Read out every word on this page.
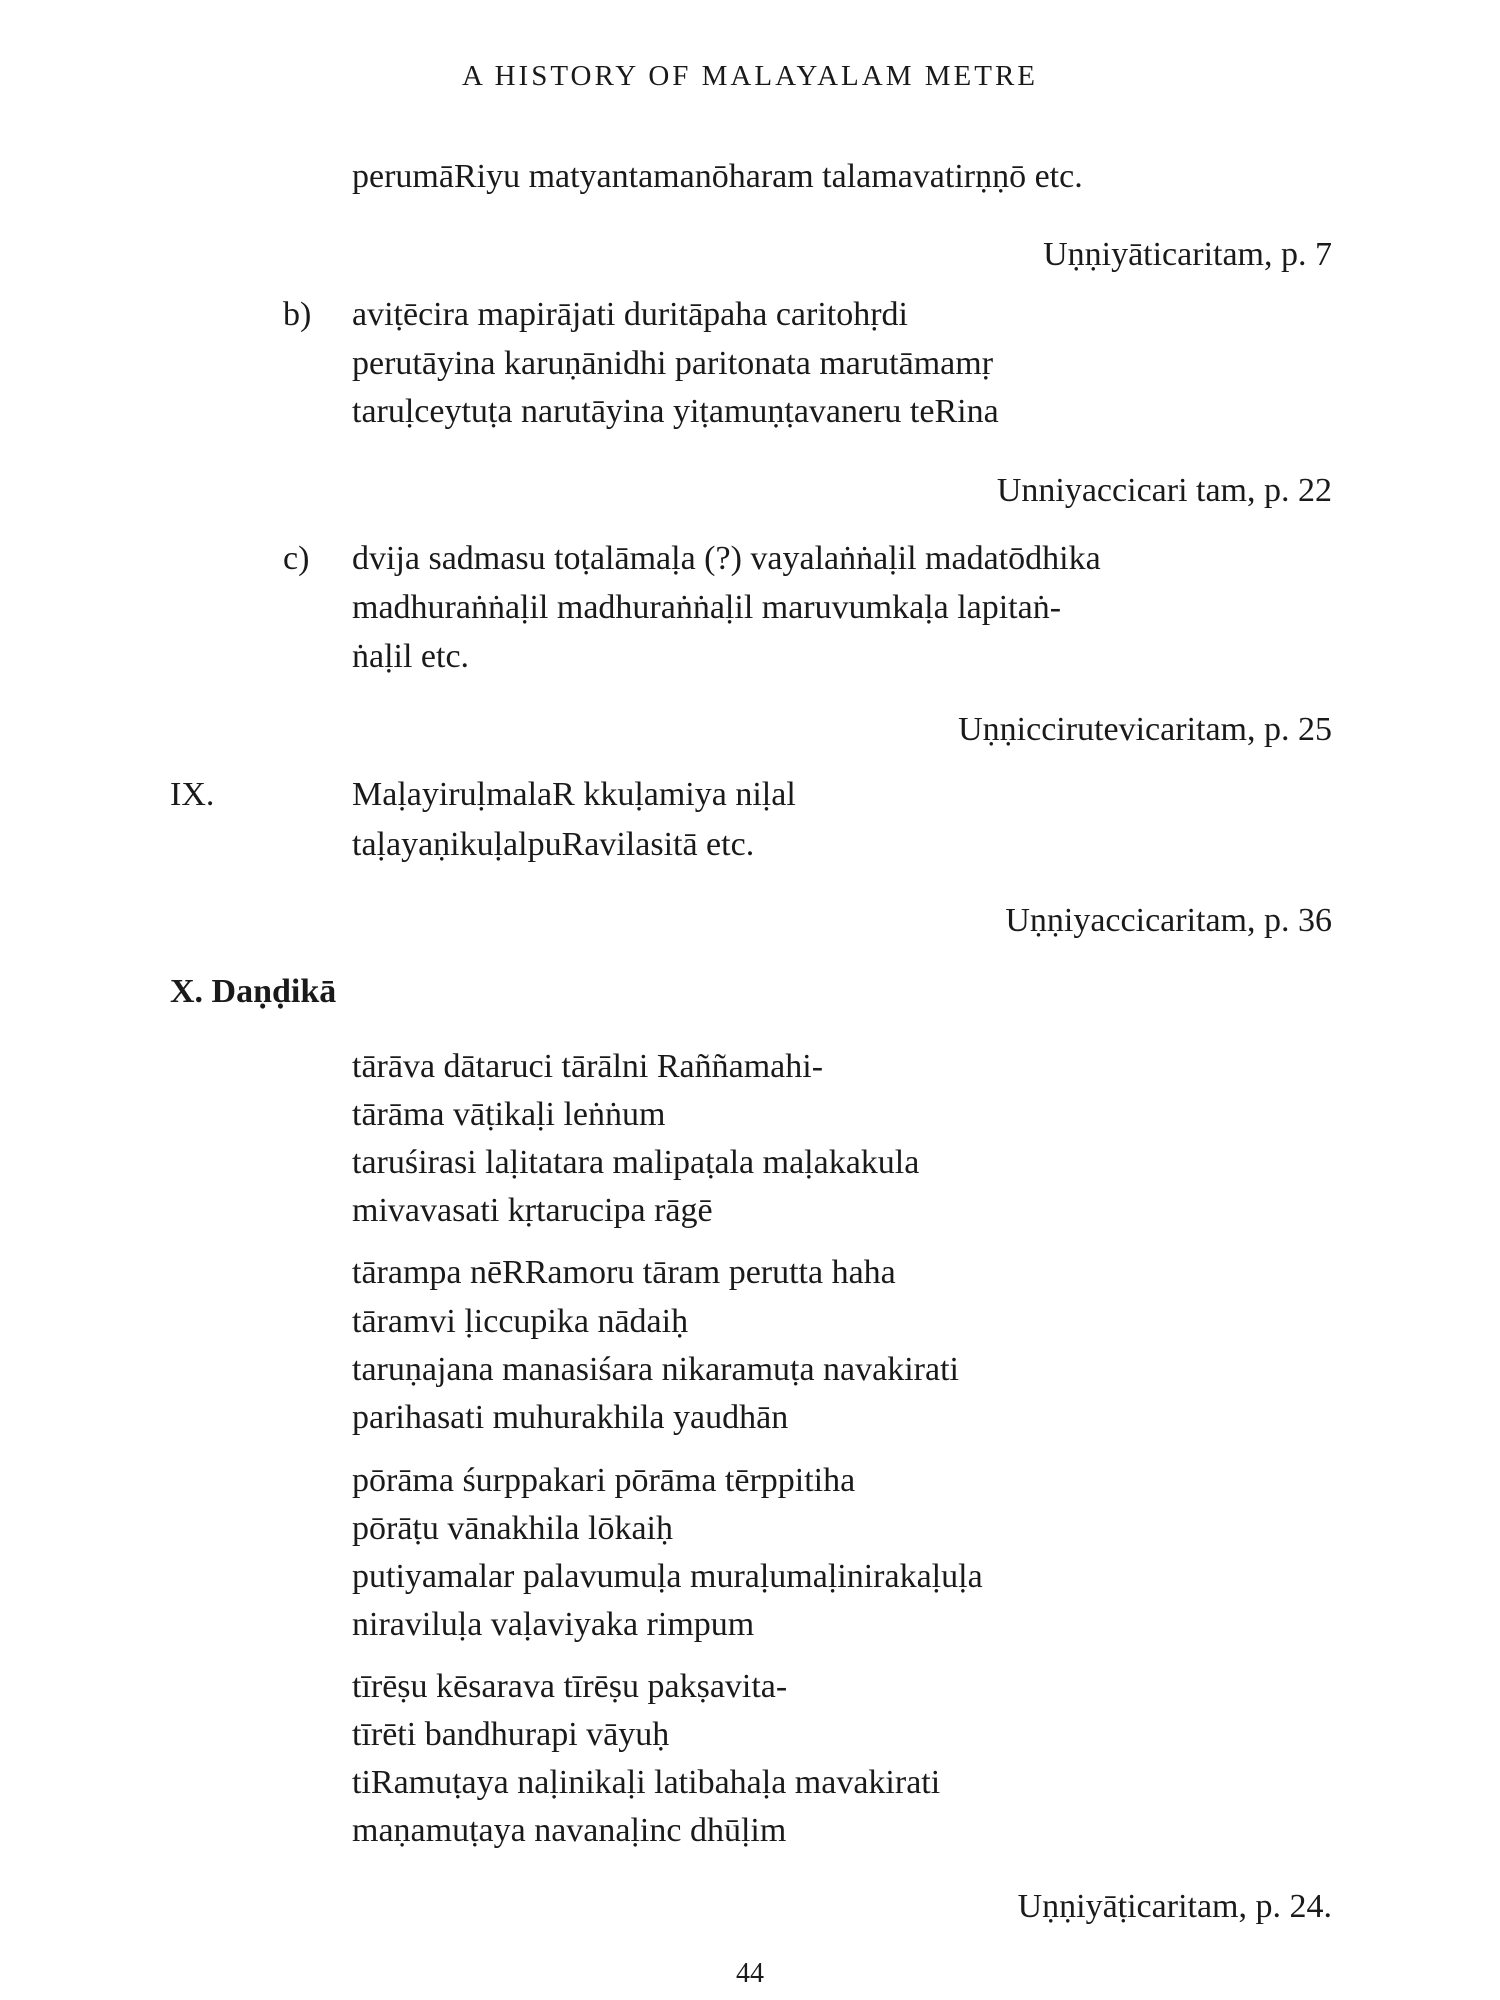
A HISTORY OF MALAYALAM METRE
perumāRiyu matyantamanōharam talamavatirṇṇō etc.
Uṇṇiyāticaritam, p. 7
b) aviṭēcira mapirājati duritāpaha caritohṛdi
perutāyina karuṇānidhi paritonata marutāmamṛ
taruḷceytuṭa narutāyina yiṭamuṇṭavaneru teRina
Unniyaccicari tam, p. 22
c) dvija sadmasu toṭalāmaḷa (?) vayalaṅṅaḷil madatōdhika
madhuraṅṅaḷil madhuraṅṅaḷil maruvumkaḷa lapitaṅ-
ṅaḷil etc.
Uṇṇiccirutevicaritam, p. 25
IX.	MaḷayiruḷmalaR kkuḷamiya niḷal
taḷayaṇikuḷalpuRavilasitā etc.
Uṇṇiyaccicaritam, p. 36
X. Daṇḍikā
tārāva dātaruci tārālni Raññamahi-
tārāma vāṭikaḷi leṅṅum
taruśirasi laḷitatara malipaṭala maḷakakula
mivavasati kṛtarucipa rāgē
tārampa nēRRamoru tāram perutta haha
tāramvi ḷiccupika nādaiḥ
taruṇajana manasiśara nikaramuṭa navakirati
parihasati muhurakhila yaudhān
pōrāma śurppakari pōrāma tērppitiha
pōrāṭu vānakhila lōkaiḥ
putiyamalar palavumuḷa muraḷumaḷinirakaḷuḷa
niraviluḷa vaḷaviyaka rimpum
tīrēṣu kēsarava tīrēṣu pakṣavita-
tīrēti bandhurapi vāyuḥ
tiRamuṭaya naḷinikaḷi latibahaḷa mavakirati
maṇamuṭaya navanaḷinc dhūḷim
Uṇṇiyāṭicaritam, p. 24.
44
